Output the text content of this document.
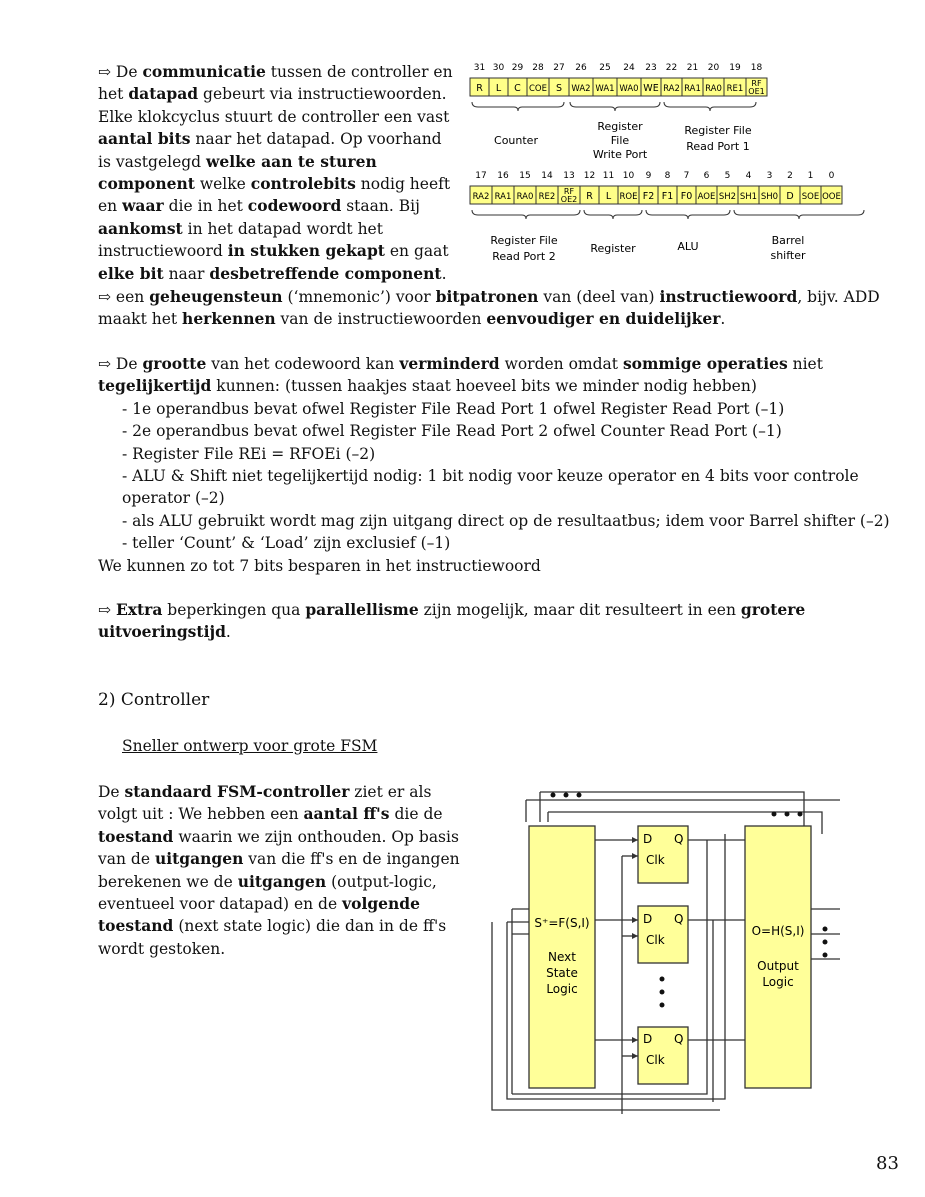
⇨ De communicatie tussen de controller en het datapad gebeurt via instructiewoorden. Elke klokcyclus stuurt de controller een vast aantal bits naar het datapad. Op voorhand is vastgelegd welke aan te sturen component welke controlebits nodig heeft en waar die in het codewoord staan. Bij aankomst in het datapad wordt het instructiewoord in stukken gekapt en gaat elke bit naar desbetreffende component.
31
R
30
L
29
C
28
COE
27
S
26
WA2
25
WA1
24
WA0
23
WE
22
RA2
21
RA1
20
RA0
19
RE1
18
RF
OE1
Counter
Register
File
Write Port
Register File
Read Port 1
17
RA2
16
RA1
15
RA0
14
RE2
13
RF
OE2
12
R
11
L
10
ROE
9
F2
8
F1
7
F0
6
AOE
5
SH2
4
SH1
3
SH0
2
D
1
SOE
0
OOE
Register File
Read Port 2
Register	ALU	Barrel
shifter
⇨ een geheugensteun (‘mnemonic’) voor bitpatronen van (deel van) instructiewoord, bijv. ADD maakt het herkennen van de instructiewoorden eenvoudiger en duidelijker.
⇨ De grootte van het codewoord kan verminderd worden omdat sommige operaties niet tegelijkertijd kunnen: (tussen haakjes staat hoeveel bits we minder nodig hebben)
- 1e operandbus bevat ofwel Register File Read Port 1 ofwel Register Read Port (–1)
- 2e operandbus bevat ofwel Register File Read Port 2 ofwel Counter Read Port (–1)
- Register File REi = RFOEi (–2)
- ALU & Shift niet tegelijkertijd nodig: 1 bit nodig voor keuze operator en 4 bits voor controle operator (–2)
- als ALU gebruikt wordt mag zijn uitgang direct op de resultaatbus; idem voor Barrel shifter (–2)
- teller ‘Count’ & ‘Load’ zijn exclusief (–1)
We kunnen zo tot 7 bits besparen in het instructiewoord
⇨ Extra beperkingen qua parallellisme zijn mogelijk, maar dit resulteert in een grotere uitvoeringstijd.
2) Controller
Sneller ontwerp voor grote FSM
De standaard FSM-controller ziet er als volgt uit : We hebben een aantal ff's die de toestand waarin we zijn onthouden. Op basis van de uitgangen van die ff's en de ingangen berekenen we de uitgangen (output-logic, eventueel voor datapad) en de volgende toestand (next state logic) die dan in de ff's wordt gestoken.
S⁺=F(S,I)
Next
State
Logic
O=H(S,I)
Output
Logic
D Q
Clk
D Q
Clk
D Q
Clk
83
